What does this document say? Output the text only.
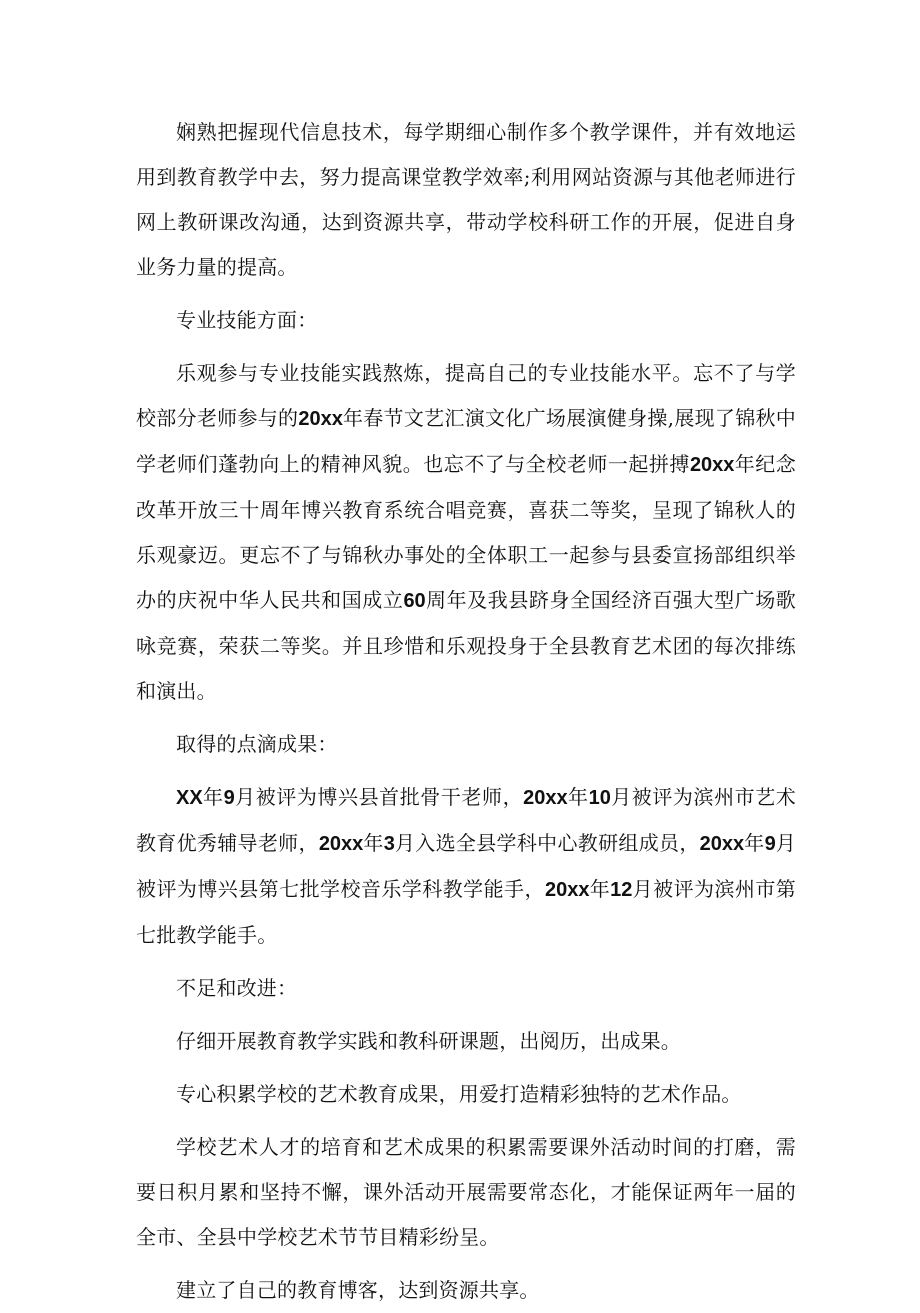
娴熟把握现代信息技术，每学期细心制作多个教学课件，并有效地运用到教育教学中去，努力提高课堂教学效率;利用网站资源与其他老师进行网上教研课改沟通，达到资源共享，带动学校科研工作的开展，促进自身业务力量的提高。

专业技能方面：

乐观参与专业技能实践熬炼，提高自己的专业技能水平。忘不了与学校部分老师参与的20xx年春节文艺汇演文化广场展演健身操,展现了锦秋中学老师们蓬勃向上的精神风貌。也忘不了与全校老师一起拼搏20xx年纪念改革开放三十周年博兴教育系统合唱竞赛，喜获二等奖，呈现了锦秋人的乐观豪迈。更忘不了与锦秋办事处的全体职工一起参与县委宣扬部组织举办的庆祝中华人民共和国成立60周年及我县跻身全国经济百强大型广场歌咏竞赛，荣获二等奖。并且珍惜和乐观投身于全县教育艺术团的每次排练和演出。

取得的点滴成果：

XX年9月被评为博兴县首批骨干老师，20xx年10月被评为滨州市艺术教育优秀辅导老师，20xx年3月入选全县学科中心教研组成员，20xx年9月被评为博兴县第七批学校音乐学科教学能手，20xx年12月被评为滨州市第七批教学能手。

不足和改进：

仔细开展教育教学实践和教科研课题，出阅历，出成果。

专心积累学校的艺术教育成果，用爱打造精彩独特的艺术作品。

学校艺术人才的培育和艺术成果的积累需要课外活动时间的打磨，需要日积月累和坚持不懈，课外活动开展需要常态化，才能保证两年一届的全市、全县中学校艺术节节目精彩纷呈。

建立了自己的教育博客，达到资源共享。
